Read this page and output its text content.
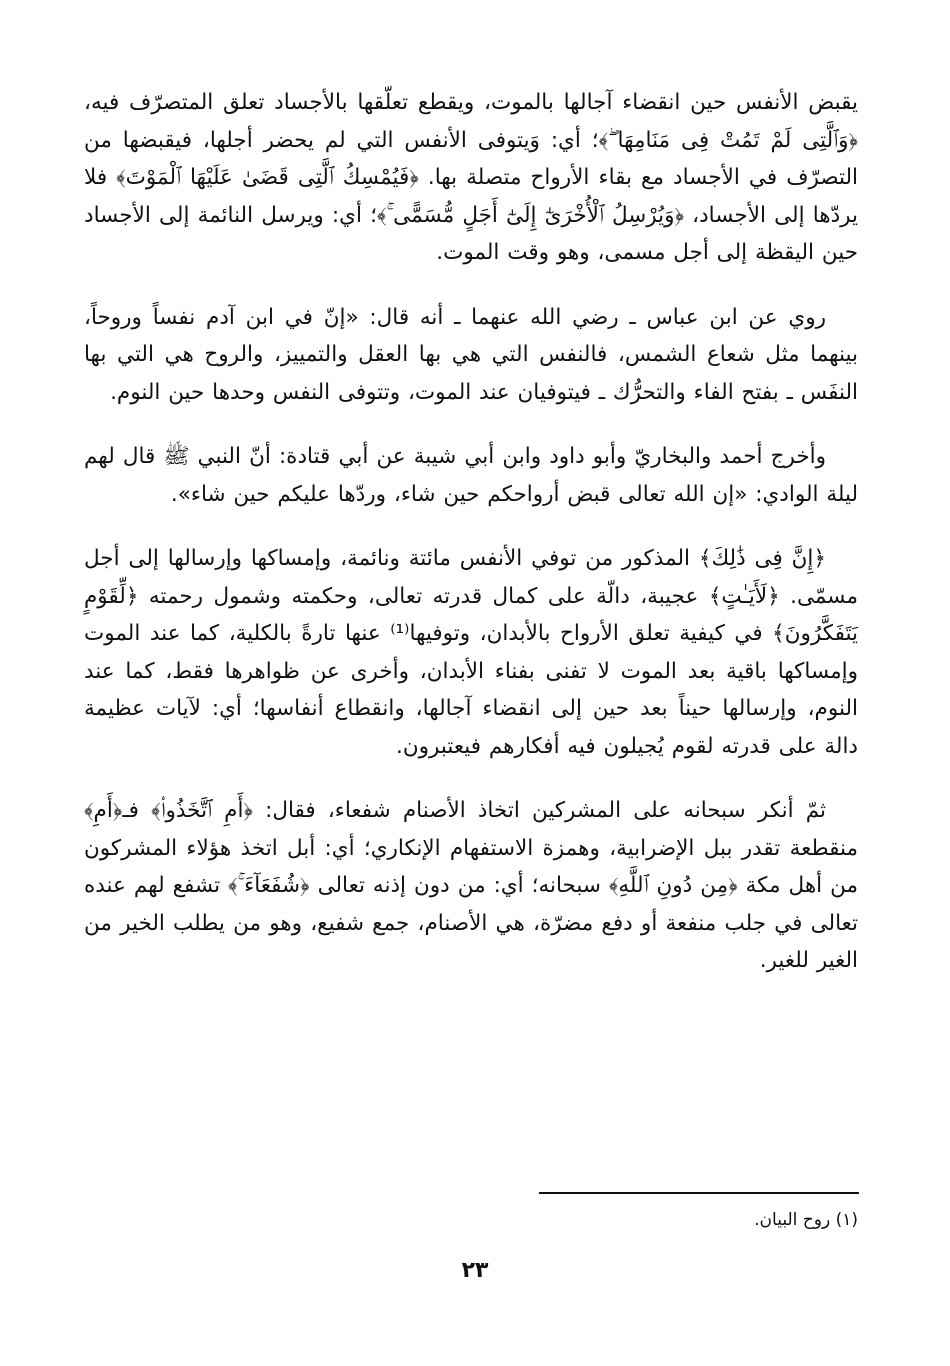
يقبض الأنفس حين انقضاء آجالها بالموت، ويقطع تعلّقها بالأجساد تعلق المتصرّف فيه، ﴿وَٱلَّتِى لَمْ تَمُتْ فِى مَنَامِهَا ۖ﴾؛ أي: وَيتوفى الأنفس التي لم يحضر أجلها، فيقبضها من التصرّف في الأجساد مع بقاء الأرواح متصلة بها. ﴿فَيُمْسِكُ ٱلَّتِى قَضَىٰ عَلَيْهَا ٱلْمَوْتَ﴾ فلا يردّها إلى الأجساد، ﴿وَيُرْسِلُ ٱلْأُخْرَىٰٓ إِلَىٰٓ أَجَلٍ مُّسَمًّى ۚ﴾؛ أي: ويرسل النائمة إلى الأجساد حين اليقظة إلى أجل مسمى، وهو وقت الموت.

روي عن ابن عباس ـ رضي الله عنهما ـ أنه قال: «إنّ في ابن آدم نفساً وروحاً، بينهما مثل شعاع الشمس، فالنفس التي هي بها العقل والتمييز، والروح هي التي بها النفَس ـ بفتح الفاء والتحرُّك ـ فيتوفيان عند الموت، وتتوفى النفس وحدها حين النوم.

وأخرج أحمد والبخاريّ وأبو داود وابن أبي شيبة عن أبي قتادة: أنّ النبي ﷺ قال لهم ليلة الوادي: «إن الله تعالى قبض أرواحكم حين شاء، وردّها عليكم حين شاء».

﴿إِنَّ فِى ذَٰلِكَ﴾ المذكور من توفي الأنفس مائتة ونائمة، وإمساكها وإرسالها إلى أجل مسمّى. ﴿لَأَيَـٰتٍ﴾ عجيبة، دالّة على كمال قدرته تعالى، وحكمته وشمول رحمته ﴿لِّقَوْمٍ يَتَفَكَّرُونَ﴾ في كيفية تعلق الأرواح بالأبدان، وتوفيها⁽¹⁾ عنها تارةً بالكلية، كما عند الموت وإمساكها باقية بعد الموت لا تفنى بفناء الأبدان، وأخرى عن ظواهرها فقط، كما عند النوم، وإرسالها حيناً بعد حين إلى انقضاء آجالها، وانقطاع أنفاسها؛ أي: لآيات عظيمة دالة على قدرته لقوم يُجيلون فيه أفكارهم فيعتبرون.

ثمّ أنكر سبحانه على المشركين اتخاذ الأصنام شفعاء، فقال: ﴿أَمِ ٱتَّخَذُوا۟﴾ فـ﴿أَمِ﴾ منقطعة تقدر ببل الإضرابية، وهمزة الاستفهام الإنكاري؛ أي: أبل اتخذ هؤلاء المشركون من أهل مكة ﴿مِن دُونِ ٱللَّهِ﴾ سبحانه؛ أي: من دون إذنه تعالى ﴿شُفَعَآءَ ۚ﴾ تشفع لهم عنده تعالى في جلب منفعة أو دفع مضرّة، هي الأصنام، جمع شفيع، وهو من يطلب الخير من الغير للغير.

(١) روح البيان.
٢٣
